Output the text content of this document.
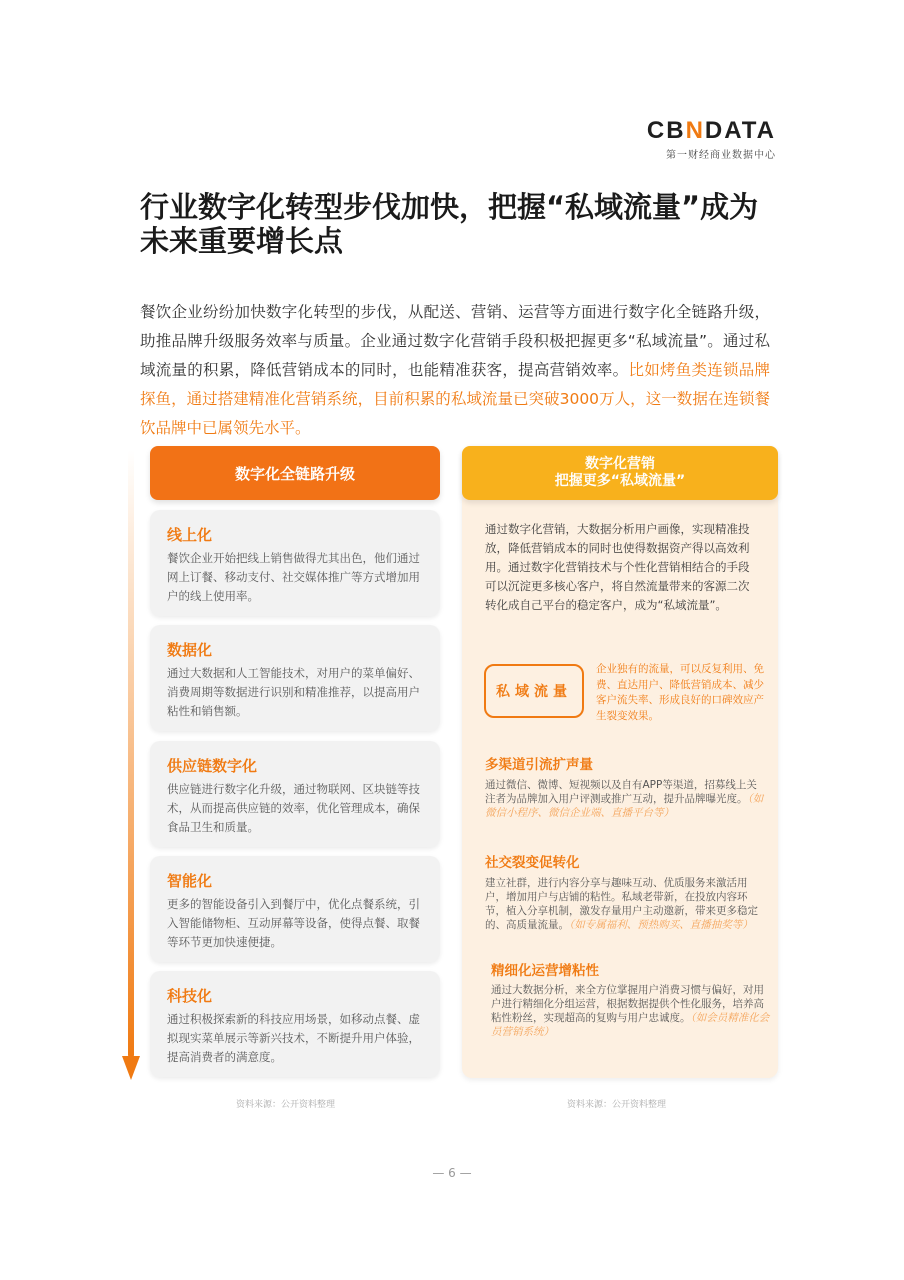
CBNDATA
第一财经商业数据中心
行业数字化转型步伐加快，把握“私域流量”成为
未来重要增长点

餐饮企业纷纷加快数字化转型的步伐，从配送、营销、运营等方面进行数字化全链路升级，助推品牌升级服务效率与质量。企业通过数字化营销手段积极把握更多“私域流量”。通过私域流量的积累，降低营销成本的同时，也能精准获客，提高营销效率。比如烤鱼类连锁品牌探鱼，通过搭建精准化营销系统，目前积累的私域流量已突破3000万人，这一数据在连锁餐饮品牌中已属领先水平。

数字化全链路升级
线上化
餐饮企业开始把线上销售做得尤其出色，他们通过网上订餐、移动支付、社交媒体推广等方式增加用户的线上使用率。
数据化
通过大数据和人工智能技术，对用户的菜单偏好、消费周期等数据进行识别和精准推荐，以提高用户粘性和销售额。
供应链数字化
供应链进行数字化升级，通过物联网、区块链等技术，从而提高供应链的效率，优化管理成本，确保食品卫生和质量。
智能化
更多的智能设备引入到餐厅中，优化点餐系统，引入智能储物柜、互动屏幕等设备，使得点餐、取餐等环节更加快速便捷。
科技化
通过积极探索新的科技应用场景，如移动点餐、虚拟现实菜单展示等新兴技术，不断提升用户体验，提高消费者的满意度。
资料来源：公开资料整理
数字化营销
把握更多“私域流量”

通过数字化营销，大数据分析用户画像，实现精准投放，降低营销成本的同时也使得数据资产得以高效利用。通过数字化营销技术与个性化营销相结合的手段可以沉淀更多核心客户，将自然流量带来的客源二次转化成自己平台的稳定客户，成为“私域流量”。

私域流量

企业独有的流量，可以反复利用、免费、直达用户、降低营销成本、减少客户流失率、形成良好的口碑效应产生裂变效果。

多渠道引流扩声量

通过微信、微博、短视频以及自有APP等渠道，招募线上关注者为品牌加入用户评测或推广互动，提升品牌曝光度。（如微信小程序、微信企业端、直播平台等）

社交裂变促转化

建立社群，进行内容分享与趣味互动、优质服务来激活用户，增加用户与店铺的粘性。私域老带新，在投放内容环节，植入分享机制，激发存量用户主动邀新，带来更多稳定的、高质量流量。（如专属福利、预热购买、直播抽奖等）

精细化运营增粘性

通过大数据分析，来全方位掌握用户消费习惯与偏好，对用户进行精细化分组运营，根据数据提供个性化服务，培养高粘性粉丝，实现超高的复购与用户忠诚度。（如会员精准化会员营销系统）

资料来源：公开资料整理
— 6 —
